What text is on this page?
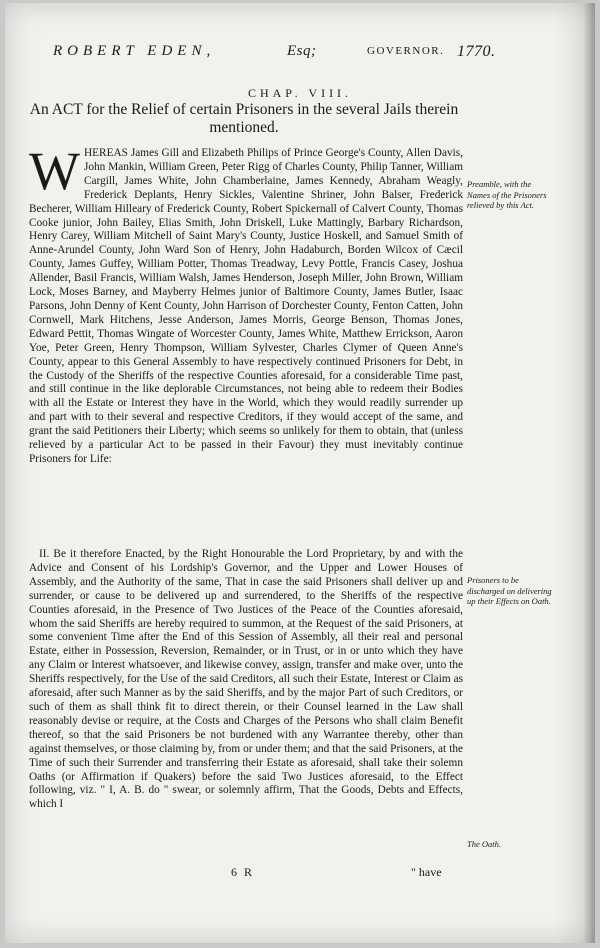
ROBERT EDEN,	Esq;	GOVERNOR. 1770.
CHAP. VIII.
An ACT for the Relief of certain Prisoners in the several Jails therein mentioned.
WHEREAS James Gill and Elizabeth Philips of Prince George's County, Allen Davis, John Mankin, William Green, Peter Rigg of Charles County, Philip Tanner, William Cargill, James White, John Chamberlaine, James Kennedy, Abraham Weagly, Frederick Deplants, Henry Sickles, Valentine Shriner, John Balser, Frederick Becherer, William Hilleary of Frederick County, Robert Spickernall of Calvert County, Thomas Cooke junior, John Bailey, Elias Smith, John Driskell, Luke Mattingly, Barbary Richardson, Henry Carey, William Mitchell of Saint Mary's County, Justice Hoskell, and Samuel Smith of Anne-Arundel County, John Ward Son of Henry, John Hadaburch, Borden Wilcox of Cæcil County, James Guffey, William Potter, Thomas Treadway, Levy Pottle, Francis Casey, Joshua Allender, Basil Francis, William Walsh, James Henderson, Joseph Miller, John Brown, William Lock, Moses Barney, and Mayberry Helmes junior of Baltimore County, James Butler, Isaac Parsons, John Denny of Kent County, John Harrison of Dorchester County, Fenton Catten, John Cornwell, Mark Hitchens, Jesse Anderson, James Morris, George Benson, Thomas Jones, Edward Pettit, Thomas Wingate of Worcester County, James White, Matthew Errickson, Aaron Yoe, Peter Green, Henry Thompson, William Sylvester, Charles Clymer of Queen Anne's County, appear to this General Assembly to have respectively continued Prisoners for Debt, in the Custody of the Sheriffs of the respective Counties aforesaid, for a considerable Time past, and still continue in the like deplorable Circumstances, not being able to redeem their Bodies with all the Estate or Interest they have in the World, which they would readily surrender up and part with to their several and respective Creditors, if they would accept of the same, and grant the said Petitioners their Liberty; which seems so unlikely for them to obtain, that (unless relieved by a particular Act to be passed in their Favour) they must inevitably continue Prisoners for Life:
II. Be it therefore Enacted, by the Right Honourable the Lord Proprietary, by and with the Advice and Consent of his Lordship's Governor, and the Upper and Lower Houses of Assembly, and the Authority of the same, That in case the said Prisoners shall deliver up and surrender, or cause to be delivered up and surrendered, to the Sheriffs of the respective Counties aforesaid, in the Presence of Two Justices of the Peace of the Counties aforesaid, whom the said Sheriffs are hereby required to summon, at the Request of the said Prisoners, at some convenient Time after the End of this Session of Assembly, all their real and personal Estate, either in Possession, Reversion, Remainder, or in Trust, or in or unto which they have any Claim or Interest whatsoever, and likewise convey, assign, transfer and make over, unto the Sheriffs respectively, for the Use of the said Creditors, all such their Estate, Interest or Claim as aforesaid, after such Manner as by the said Sheriffs, and by the major Part of such Creditors, or such of them as shall think fit to direct therein, or their Counsel learned in the Law shall reasonably devise or require, at the Costs and Charges of the Persons who shall claim Benefit thereof, so that the said Prisoners be not burdened with any Warrantee thereby, other than against themselves, or those claiming by, from or under them; and that the said Prisoners, at the Time of such their Surrender and transferring their Estate as aforesaid, shall take their solemn Oaths (or Affirmation if Quakers) before the said Two Justices aforesaid, to the Effect following, viz. " I, A. B. do " swear, or solemnly affirm, That the Goods, Debts and Effects, which I
Preamble, with the Names of the Prisoners relieved by this Act.
Prisoners to be discharged on delivering up their Effects on Oath.
The Oath.
6 R	" have
